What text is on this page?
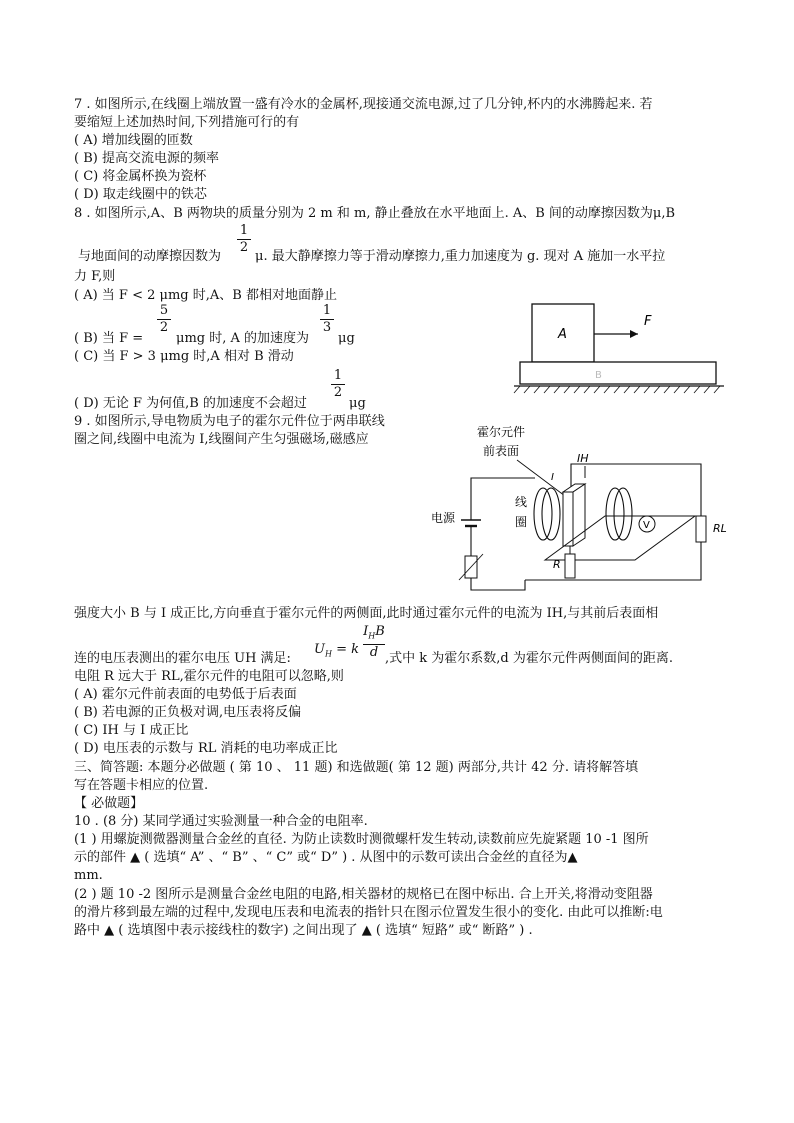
7 . 如图所示,在线圈上端放置一盛有冷水的金属杯,现接通交流电源,过了几分钟,杯内的水沸腾起来. 若
要缩短上述加热时间,下列措施可行的有
( A) 增加线圈的匝数
( B) 提高交流电源的频率
( C) 将金属杯换为瓷杯
( D) 取走线圈中的铁芯
8 . 如图所示,A、B 两物块的质量分别为 2 m 和 m, 静止叠放在水平地面上. A、B 间的动摩擦因数为μ,B
$\frac{1}{2}$
与地面间的动摩擦因数为	μ. 最大静摩擦力等于滑动摩擦力,重力加速度为 g. 现对 A 施加一水平拉
力 F,则
( A) 当 F < 2 μmg 时,A、B 都相对地面静止
$\frac{5}{2}$
( B) 当 F =	μmg 时, A 的加速度为
$\frac{1}{3}$
μg
( C) 当 F > 3 μmg 时,A 相对 B 滑动
$\frac{1}{2}$
( D) 无论 F 为何值,B 的加速度不会超过	μg
A
F
B
9 . 如图所示,导电物质为电子的霍尔元件位于两串联线
圈之间,线圈中电流为 I,线圈间产生匀强磁场,磁感应	霍尔元件
前表面
IH
电源
线
圈
I
V
R
RL
强度大小 B 与 I 成正比,方向垂直于霍尔元件的两侧面,此时通过霍尔元件的电流为 IH,与其前后表面相
$U_H = k$
$I_HB$
d
连的电压表测出的霍尔电压 UH 满足:	,式中 k 为霍尔系数,d 为霍尔元件两侧面间的距离.
电阻 R 远大于 RL,霍尔元件的电阻可以忽略,则
( A) 霍尔元件前表面的电势低于后表面
( B) 若电源的正负极对调,电压表将反偏
( C) IH 与 I 成正比
( D) 电压表的示数与 RL 消耗的电功率成正比
三、简答题: 本题分必做题 ( 第 10 、 11 题) 和选做题( 第 12 题) 两部分,共计 42 分. 请将解答填
写在答题卡相应的位置.
【 必做题】
10 . (8 分) 某同学通过实验测量一种合金的电阻率.
(1 ) 用螺旋测微器测量合金丝的直径. 为防止读数时测微螺杆发生转动,读数前应先旋紧题 10 -1 图所
示的部件 ▲ ( 选填“ A” 、“ B” 、“ C” 或“ D” ) . 从图中的示数可读出合金丝的直径为▲
mm.
(2 ) 题 10 -2 图所示是测量合金丝电阻的电路,相关器材的规格已在图中标出. 合上开关,将滑动变阻器
的滑片移到最左端的过程中,发现电压表和电流表的指针只在图示位置发生很小的变化. 由此可以推断:电
路中 ▲ ( 选填图中表示接线柱的数字) 之间出现了 ▲ ( 选填“ 短路” 或“ 断路” ) .
